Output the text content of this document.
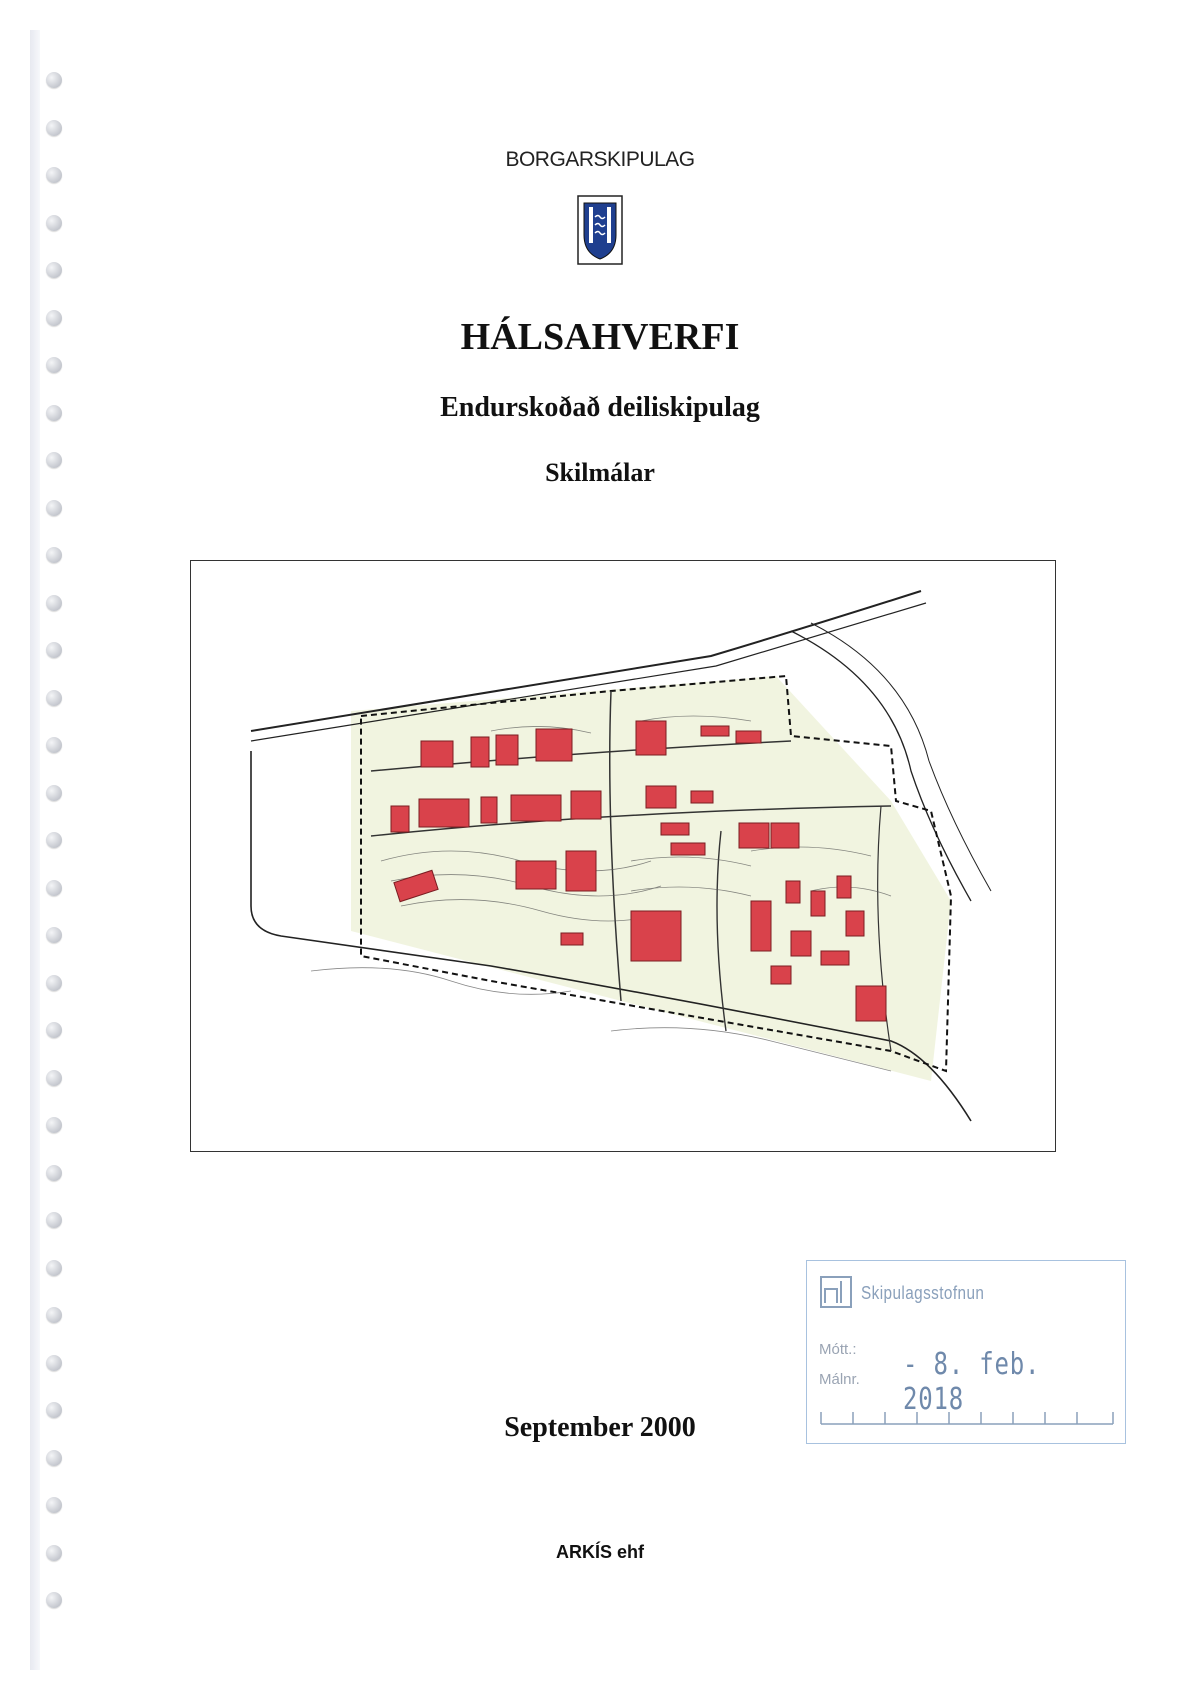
BORGARSKIPULAG
HÁLSAHVERFI
Endurskoðað deiliskipulag
Skilmálar
Skipulagsstofnun
Mótt.:
Málnr. - 8. feb. 2018
September 2000
ARKÍS ehf
